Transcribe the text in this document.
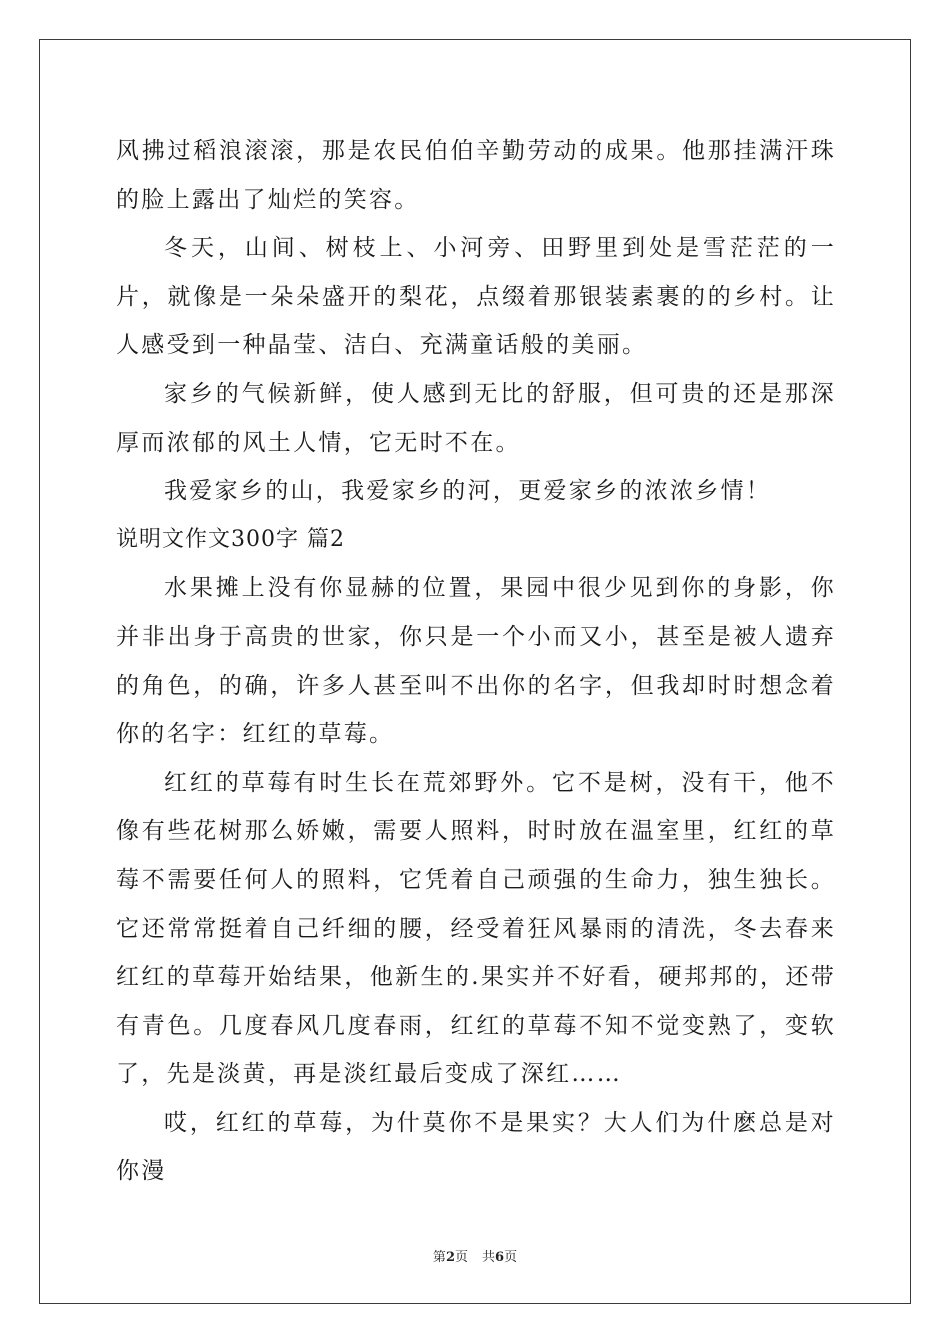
风拂过稻浪滚滚，那是农民伯伯辛勤劳动的成果。他那挂满汗珠的脸上露出了灿烂的笑容。

冬天，山间、树枝上、小河旁、田野里到处是雪茫茫的一片，就像是一朵朵盛开的梨花，点缀着那银装素裹的的乡村。让人感受到一种晶莹、洁白、充满童话般的美丽。

家乡的气候新鲜，使人感到无比的舒服，但可贵的还是那深厚而浓郁的风土人情，它无时不在。

我爱家乡的山，我爱家乡的河，更爱家乡的浓浓乡情！

说明文作文300字 篇2

水果摊上没有你显赫的位置，果园中很少见到你的身影，你并非出身于高贵的世家，你只是一个小而又小，甚至是被人遗弃的角色，的确，许多人甚至叫不出你的名字，但我却时时想念着你的名字：红红的草莓。

红红的草莓有时生长在荒郊野外。它不是树，没有干，他不像有些花树那么娇嫩，需要人照料，时时放在温室里，红红的草莓不需要任何人的照料，它凭着自己顽强的生命力，独生独长。它还常常挺着自己纤细的腰，经受着狂风暴雨的清洗，冬去春来红红的草莓开始结果，他新生的.果实并不好看，硬邦邦的，还带有青色。几度春风几度春雨，红红的草莓不知不觉变熟了，变软了，先是淡黄，再是淡红最后变成了深红……

哎，红红的草莓，为什莫你不是果实？大人们为什麽总是对你漫

第2页 共6页
